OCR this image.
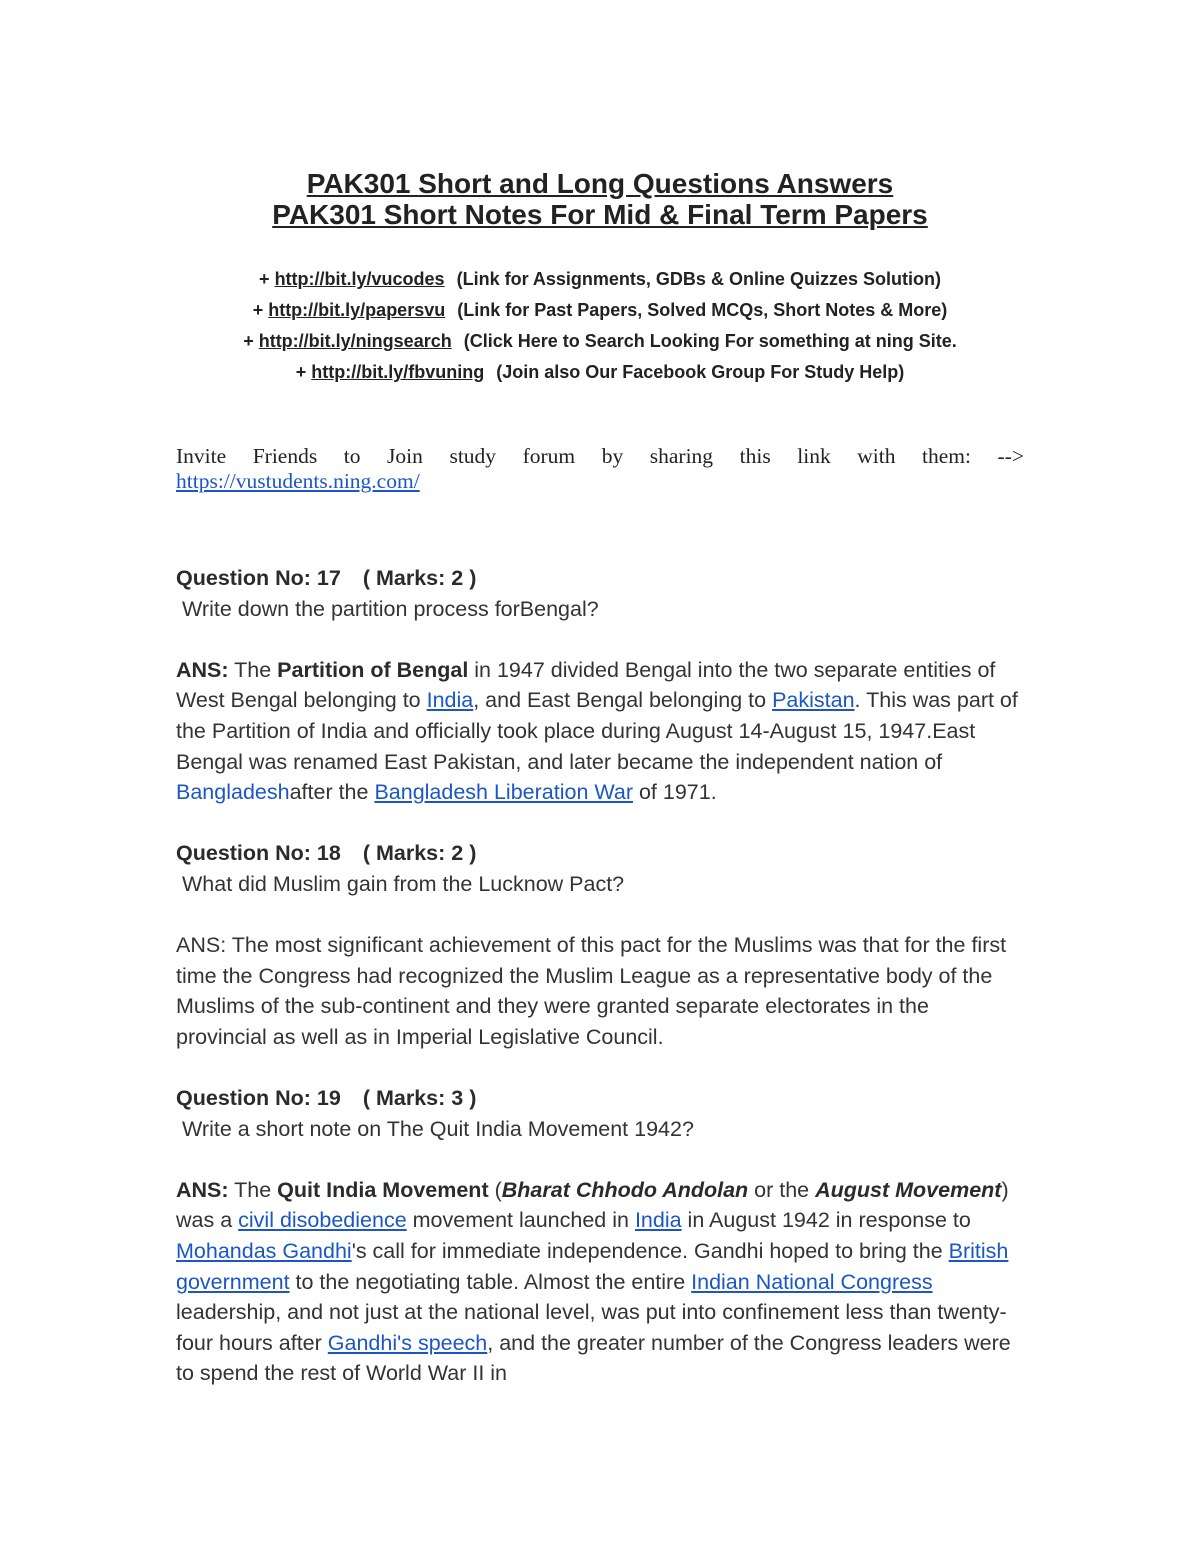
PAK301 Short and Long Questions Answers
PAK301 Short Notes For Mid & Final Term Papers
+ http://bit.ly/vucodes (Link for Assignments, GDBs & Online Quizzes Solution)
+ http://bit.ly/papersvu (Link for Past Papers, Solved MCQs, Short Notes & More)
+ http://bit.ly/ningsearch (Click Here to Search Looking For something at ning Site.
+ http://bit.ly/fbvuning (Join also Our Facebook Group For Study Help)
Invite Friends to Join study forum by sharing this link with them: -->
https://vustudents.ning.com/
Question No: 17 ( Marks: 2 )
Write down the partition process forBengal?
ANS: The Partition of Bengal in 1947 divided Bengal into the two separate entities of West Bengal belonging to India, and East Bengal belonging to Pakistan. This was part of the Partition of India and officially took place during August 14-August 15, 1947.East Bengal was renamed East Pakistan, and later became the independent nation of Bangladeshafter the Bangladesh Liberation War of 1971.
Question No: 18 ( Marks: 2 )
What did Muslim gain from the Lucknow Pact?
ANS: The most significant achievement of this pact for the Muslims was that for the first time the Congress had recognized the Muslim League as a representative body of the Muslims of the sub-continent and they were granted separate electorates in the provincial as well as in Imperial Legislative Council.
Question No: 19 ( Marks: 3 )
Write a short note on The Quit India Movement 1942?
ANS: The Quit India Movement (Bharat Chhodo Andolan or the August Movement) was a civil disobedience movement launched in India in August 1942 in response to Mohandas Gandhi's call for immediate independence. Gandhi hoped to bring the British government to the negotiating table. Almost the entire Indian National Congress leadership, and not just at the national level, was put into confinement less than twenty-four hours after Gandhi's speech, and the greater number of the Congress leaders were to spend the rest of World War II in
